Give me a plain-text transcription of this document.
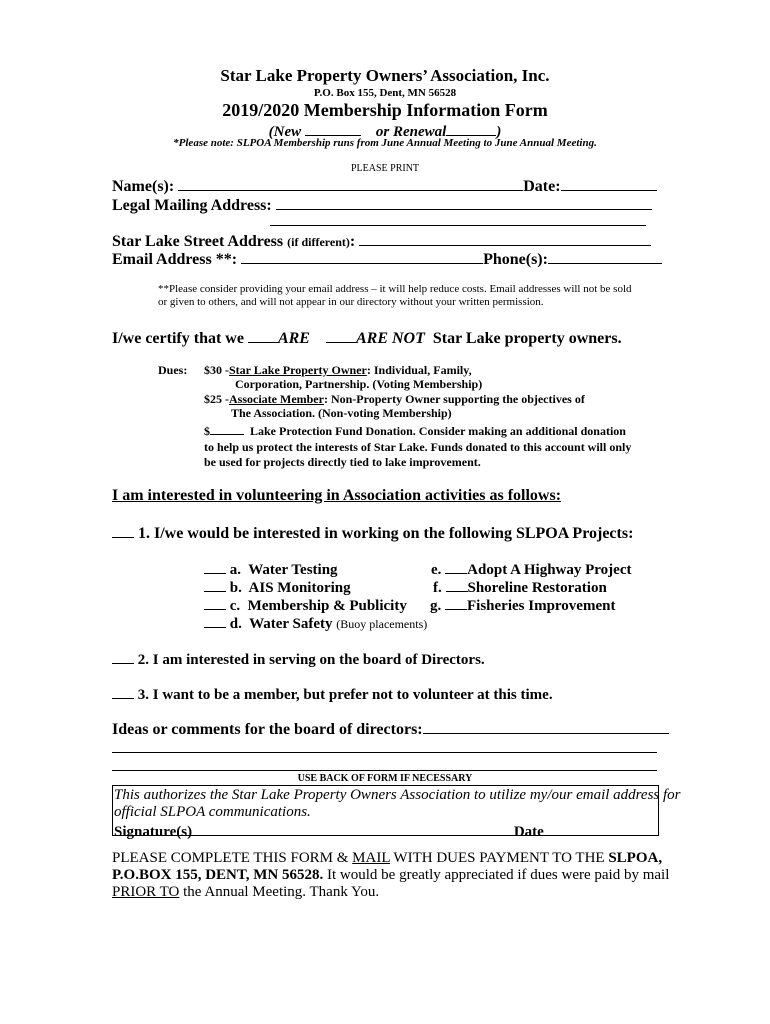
Star Lake Property Owners’ Association, Inc.
P.O. Box 155, Dent, MN 56528
2019/2020 Membership Information Form
(New	or Renewal	)
*Please note: SLPOA Membership runs from June Annual Meeting to June Annual Meeting.
PLEASE PRINT
Name(s):	Date:
Legal Mailing Address:
Star Lake Street Address (if different):
Email Address **:	Phone(s):
**Please consider providing your email address – it will help reduce costs. Email addresses will not be sold
or given to others, and will not appear in our directory without your written permission.
I/we certify that we ARE	ARE NOT Star Lake property owners.
Dues: $30 -Star Lake Property Owner: Individual, Family,
Corporation, Partnership. (Voting Membership)
$25 -Associate Member: Non-Property Owner supporting the objectives of
The Association. (Non-voting Membership)
$	Lake Protection Fund Donation. Consider making an additional donation
to help us protect the interests of Star Lake. Funds donated to this account will only
be used for projects directly tied to lake improvement.
I am interested in volunteering in Association activities as follows:
1. I/we would be interested in working on the following SLPOA Projects:
a. Water Testing
b. AIS Monitoring
c. Membership & Publicity
d. Water Safety (Buoy placements)
e. Adopt A Highway Project
f. Shoreline Restoration
g. Fisheries Improvement
2. I am interested in serving on the board of Directors.
3. I want to be a member, but prefer not to volunteer at this time.
Ideas or comments for the board of directors:
USE BACK OF FORM IF NECESSARY
This authorizes the Star Lake Property Owners Association to utilize my/our email address for
official SLPOA communications.
Signature(s)	Date
PLEASE COMPLETE THIS FORM & MAIL WITH DUES PAYMENT TO THE SLPOA,
P.O.BOX 155, DENT, MN 56528. It would be greatly appreciated if dues were paid by mail
PRIOR TO the Annual Meeting. Thank You.
